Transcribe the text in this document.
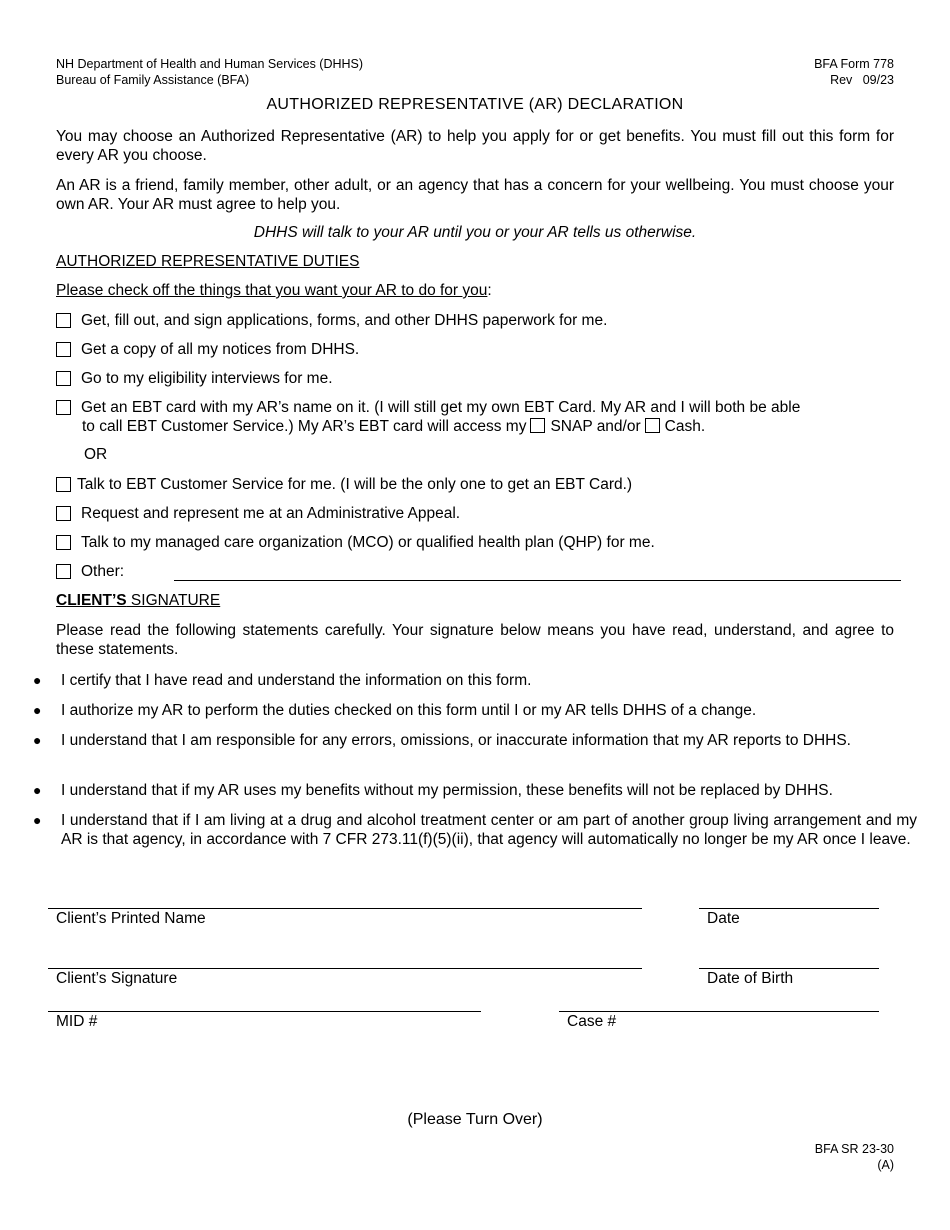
NH Department of Health and Human Services (DHHS)
Bureau of Family Assistance (BFA)
BFA Form 778
Rev   09/23
AUTHORIZED REPRESENTATIVE (AR) DECLARATION
You may choose an Authorized Representative (AR) to help you apply for or get benefits. You must fill out this form for every AR you choose.
An AR is a friend, family member, other adult, or an agency that has a concern for your wellbeing. You must choose your own AR. Your AR must agree to help you.
DHHS will talk to your AR until you or your AR tells us otherwise.
AUTHORIZED REPRESENTATIVE DUTIES
Please check off the things that you want your AR to do for you:
Get, fill out, and sign applications, forms, and other DHHS paperwork for me.
Get a copy of all my notices from DHHS.
Go to my eligibility interviews for me.
Get an EBT card with my AR’s name on it. (I will still get my own EBT Card. My AR and I will both be able
to call EBT Customer Service.) My AR’s EBT card will access my SNAP and/or Cash.
OR
Talk to EBT Customer Service for me. (I will be the only one to get an EBT Card.)
Request and represent me at an Administrative Appeal.
Talk to my managed care organization (MCO) or qualified health plan (QHP) for me.
Other:
CLIENT’S SIGNATURE
Please read the following statements carefully. Your signature below means you have read, understand, and agree to these statements.
●	I certify that I have read and understand the information on this form.
●	I authorize my AR to perform the duties checked on this form until I or my AR tells DHHS of a change.
●	I understand that I am responsible for any errors, omissions, or inaccurate information that my AR reports to DHHS.
●	I understand that if my AR uses my benefits without my permission, these benefits will not be replaced by DHHS.
●	I understand that if I am living at a drug and alcohol treatment center or am part of another group living arrangement and my AR is that agency, in accordance with 7 CFR 273.11(f)(5)(ii), that agency will automatically no longer be my AR once I leave.
Client’s Printed Name	Date
Client’s Signature	Date of Birth
MID #	Case #
(Please Turn Over)
BFA SR 23-30
(A)
